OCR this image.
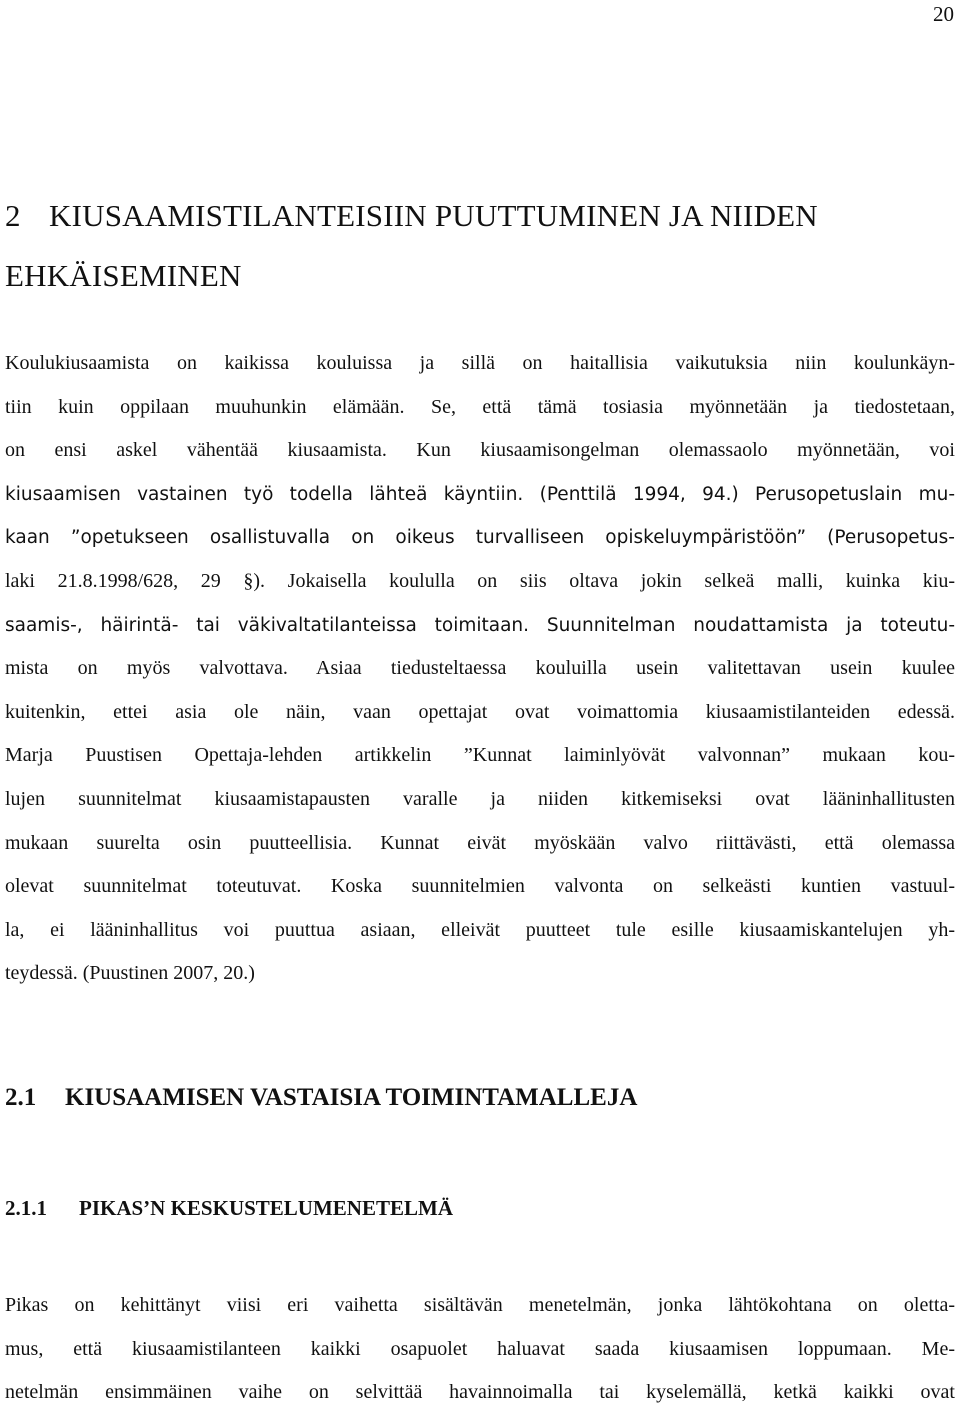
20
2 KIUSAAMISTILANTEISIIN PUUTTUMINEN JA NIIDEN
EHKÄISEMINEN
Koulukiusaamista on kaikissa kouluissa ja sillä on haitallisia vaikutuksia niin koulunkäyn-
tiin kuin oppilaan muuhunkin elämään. Se, että tämä tosiasia myönnetään ja tiedostetaan,
on ensi askel vähentää kiusaamista. Kun kiusaamisongelman olemassaolo myönnetään, voi
kiusaamisen vastainen työ todella lähteä käyntiin. (Penttilä 1994, 94.) Perusopetuslain mu-
kaan ”opetukseen osallistuvalla on oikeus turvalliseen opiskeluympäristöön” (Perusopetus-
laki 21.8.1998/628, 29 §). Jokaisella koululla on siis oltava jokin selkeä malli, kuinka kiu-
saamis-, häirintä- tai väkivaltatilanteissa toimitaan. Suunnitelman noudattamista ja toteutu-
mista on myös valvottava. Asiaa tiedusteltaessa kouluilla usein valitettavan usein kuulee
kuitenkin, ettei asia ole näin, vaan opettajat ovat voimattomia kiusaamistilanteiden edessä.
Marja Puustisen Opettaja-lehden artikkelin ”Kunnat laiminlyövät valvonnan” mukaan kou-
lujen suunnitelmat kiusaamistapausten varalle ja niiden kitkemiseksi ovat lääninhallitusten
mukaan suurelta osin puutteellisia. Kunnat eivät myöskään valvo riittävästi, että olemassa
olevat suunnitelmat toteutuvat. Koska suunnitelmien valvonta on selkeästi kuntien vastuul-
la, ei lääninhallitus voi puuttua asiaan, elleivät puutteet tule esille kiusaamiskantelujen yh-
teydessä. (Puustinen 2007, 20.)
2.1 KIUSAAMISEN VASTAISIA TOIMINTAMALLEJA
2.1.1 PIKAS’N KESKUSTELUMENETELMÄ
Pikas on kehittänyt viisi eri vaihetta sisältävän menetelmän, jonka lähtökohtana on oletta-
mus, että kiusaamistilanteen kaikki osapuolet haluavat saada kiusaamisen loppumaan. Me-
netelmän ensimmäinen vaihe on selvittää havainnoimalla tai kyselemällä, ketkä kaikki ovat
